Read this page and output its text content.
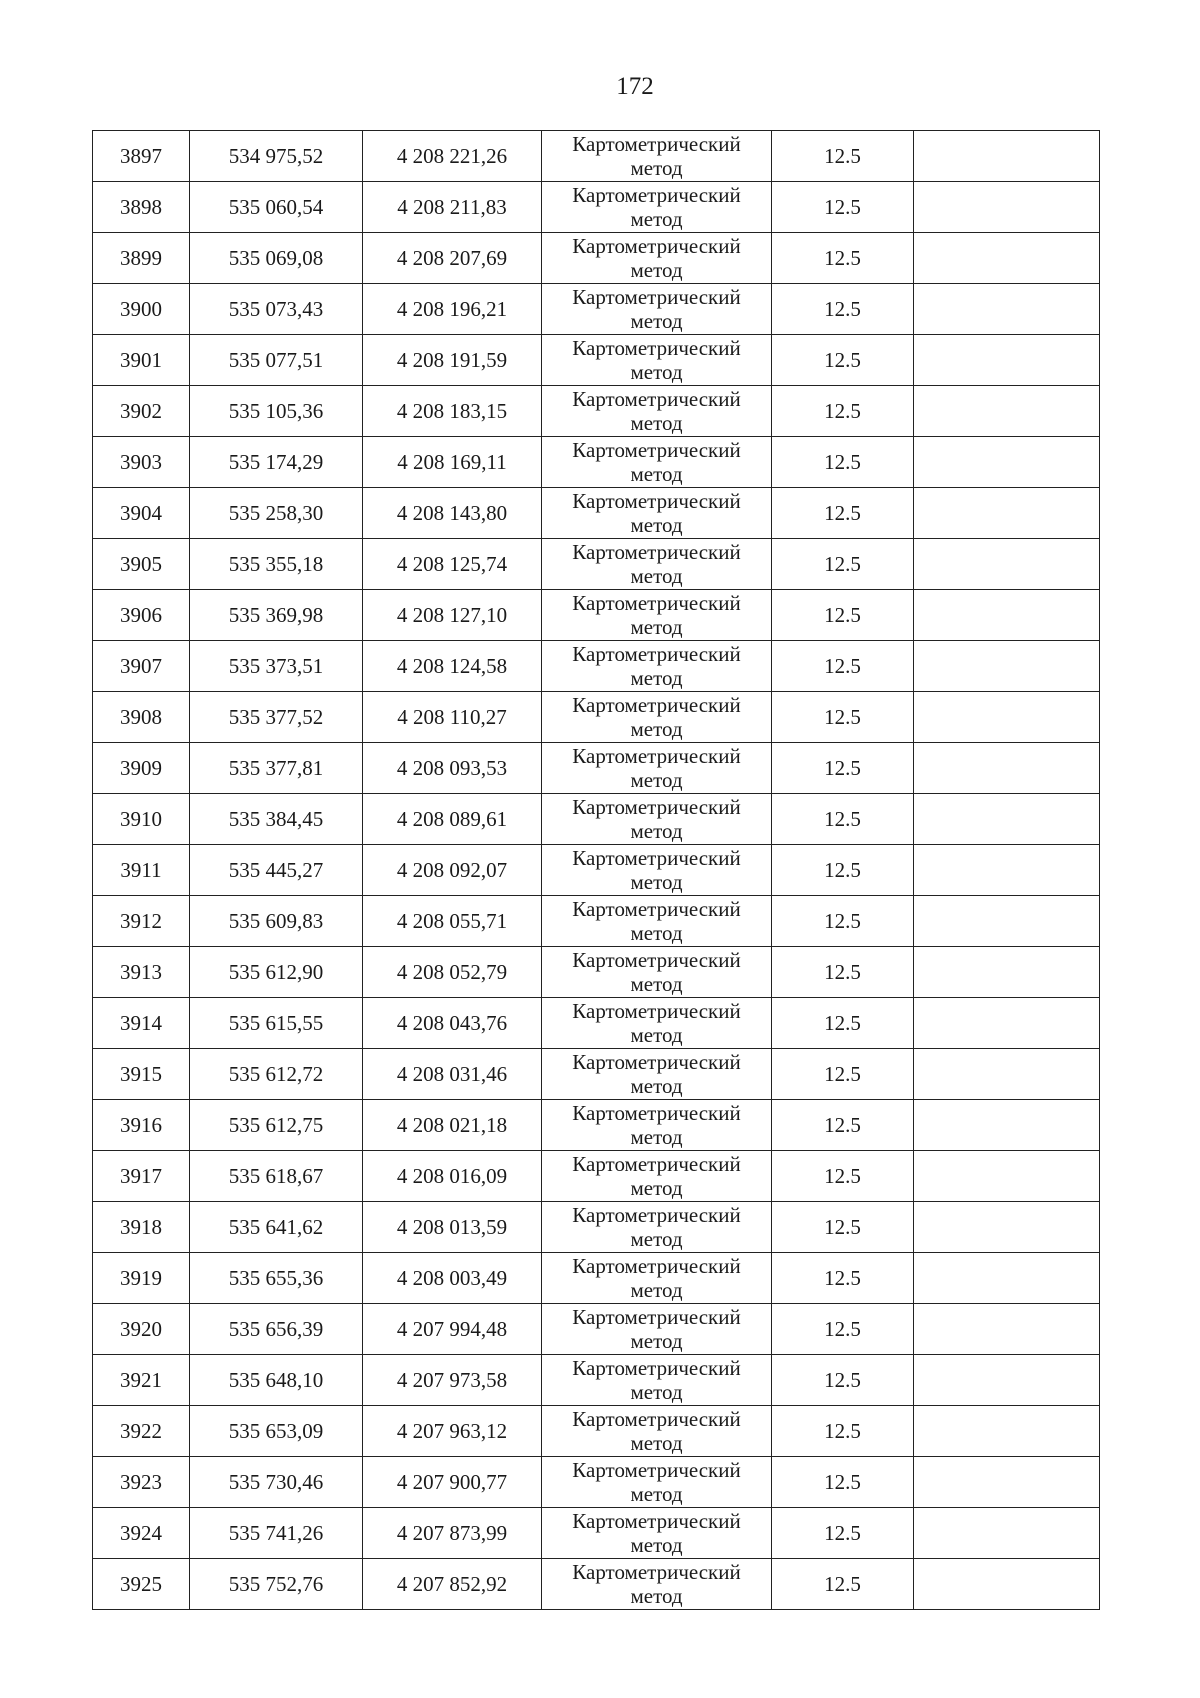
172
3897	534 975,52	4 208 221,26	Картометрический
метод	12.5	
3898	535 060,54	4 208 211,83	Картометрический
метод	12.5	
3899	535 069,08	4 208 207,69	Картометрический
метод	12.5	
3900	535 073,43	4 208 196,21	Картометрический
метод	12.5	
3901	535 077,51	4 208 191,59	Картометрический
метод	12.5	
3902	535 105,36	4 208 183,15	Картометрический
метод	12.5	
3903	535 174,29	4 208 169,11	Картометрический
метод	12.5	
3904	535 258,30	4 208 143,80	Картометрический
метод	12.5	
3905	535 355,18	4 208 125,74	Картометрический
метод	12.5	
3906	535 369,98	4 208 127,10	Картометрический
метод	12.5	
3907	535 373,51	4 208 124,58	Картометрический
метод	12.5	
3908	535 377,52	4 208 110,27	Картометрический
метод	12.5	
3909	535 377,81	4 208 093,53	Картометрический
метод	12.5	
3910	535 384,45	4 208 089,61	Картометрический
метод	12.5	
3911	535 445,27	4 208 092,07	Картометрический
метод	12.5	
3912	535 609,83	4 208 055,71	Картометрический
метод	12.5	
3913	535 612,90	4 208 052,79	Картометрический
метод	12.5	
3914	535 615,55	4 208 043,76	Картометрический
метод	12.5	
3915	535 612,72	4 208 031,46	Картометрический
метод	12.5	
3916	535 612,75	4 208 021,18	Картометрический
метод	12.5	
3917	535 618,67	4 208 016,09	Картометрический
метод	12.5	
3918	535 641,62	4 208 013,59	Картометрический
метод	12.5	
3919	535 655,36	4 208 003,49	Картометрический
метод	12.5	
3920	535 656,39	4 207 994,48	Картометрический
метод	12.5	
3921	535 648,10	4 207 973,58	Картометрический
метод	12.5	
3922	535 653,09	4 207 963,12	Картометрический
метод	12.5	
3923	535 730,46	4 207 900,77	Картометрический
метод	12.5	
3924	535 741,26	4 207 873,99	Картометрический
метод	12.5	
3925	535 752,76	4 207 852,92	Картометрический
метод	12.5	
